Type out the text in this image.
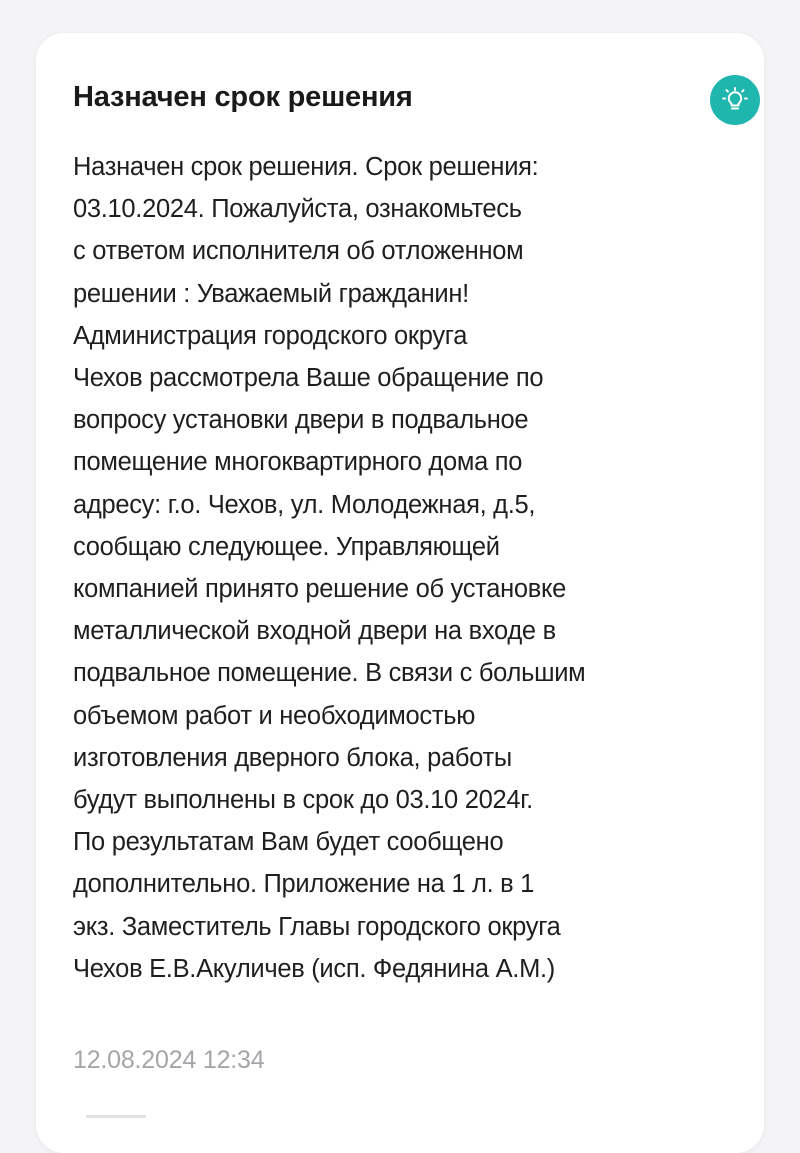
Назначен срок решения
Назначен срок решения. Срок решения:
03.10.2024. Пожалуйста, ознакомьтесь
с ответом исполнителя об отложенном
решении : Уважаемый гражданин!
Администрация городского округа
Чехов рассмотрела Ваше обращение по
вопросу установки двери в подвальное
помещение многоквартирного дома по
адресу: г.о. Чехов, ул. Молодежная, д.5,
сообщаю следующее. Управляющей
компанией принято решение об установке
металлической входной двери на входе в
подвальное помещение. В связи с большим
объемом работ и необходимостью
изготовления дверного блока, работы
будут выполнены в срок до 03.10 2024г.
По результатам Вам будет сообщено
дополнительно. Приложение на 1 л. в 1
экз. Заместитель Главы городского округа
Чехов Е.В.Акуличев (исп. Федянина А.М.)
12.08.2024 12:34
